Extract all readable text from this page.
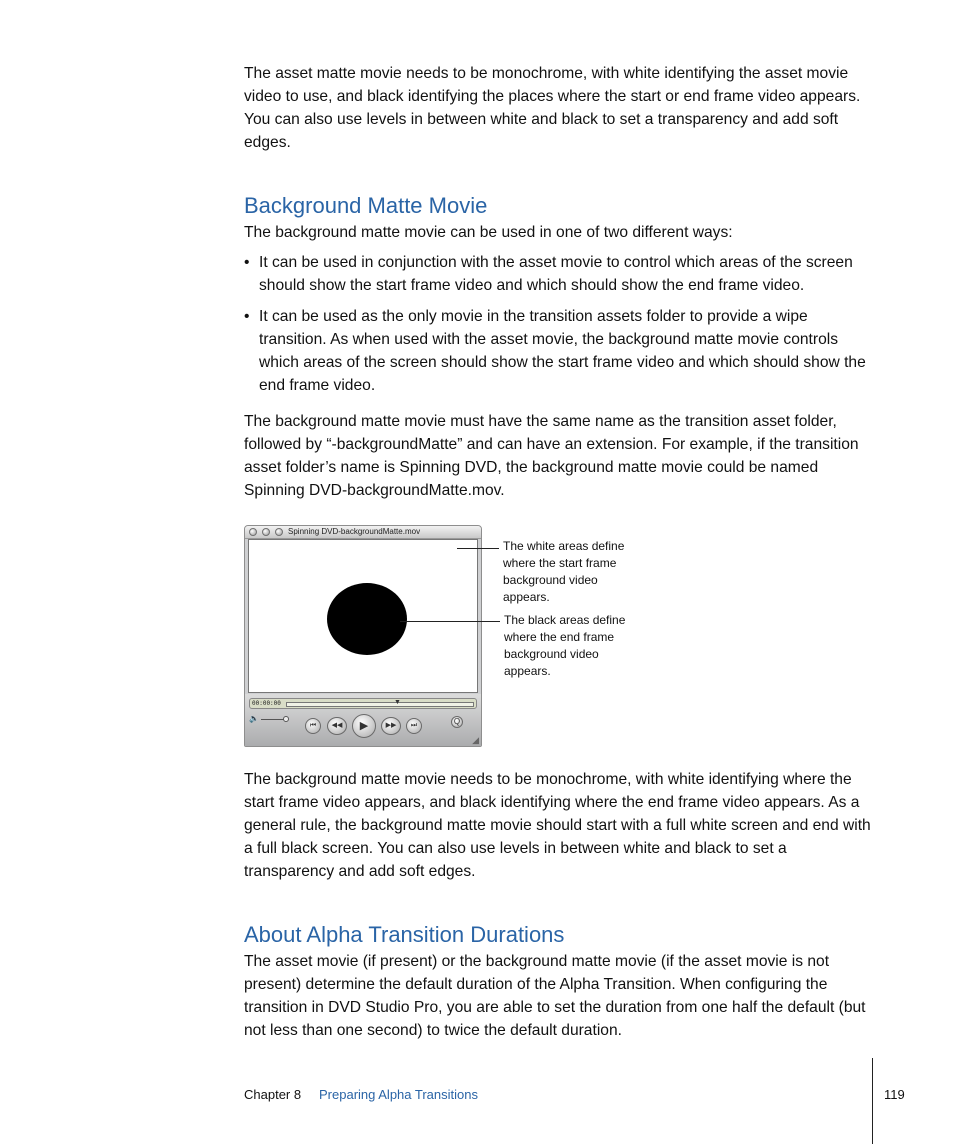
The asset matte movie needs to be monochrome, with white identifying the asset movie video to use, and black identifying the places where the start or end frame video appears. You can also use levels in between white and black to set a transparency and add soft edges.

Background Matte Movie

The background matte movie can be used in one of two different ways:

• It can be used in conjunction with the asset movie to control which areas of the screen should show the start frame video and which should show the end frame video.
• It can be used as the only movie in the transition assets folder to provide a wipe transition. As when used with the asset movie, the background matte movie controls which areas of the screen should show the start frame video and which should show the end frame video.

The background matte movie must have the same name as the transition asset folder, followed by “-backgroundMatte” and can have an extension. For example, if the transition asset folder’s name is Spinning DVD, the background matte movie could be named Spinning DVD-backgroundMatte.mov.

Spinning DVD-backgroundMatte.mov
00:00:00	▼
🔈
⏮	◀◀	▶	▶▶	⏭	Q
◢

The white areas define where the start frame background video appears.

The black areas define where the end frame background video appears.

The background matte movie needs to be monochrome, with white identifying where the start frame video appears, and black identifying where the end frame video appears. As a general rule, the background matte movie should start with a full white screen and end with a full black screen. You can also use levels in between white and black to set a transparency and add soft edges.

About Alpha Transition Durations

The asset movie (if present) or the background matte movie (if the asset movie is not present) determine the default duration of the Alpha Transition. When configuring the transition in DVD Studio Pro, you are able to set the duration from one half the default (but not less than one second) to twice the default duration.

Chapter 8 Preparing Alpha Transitions	119
